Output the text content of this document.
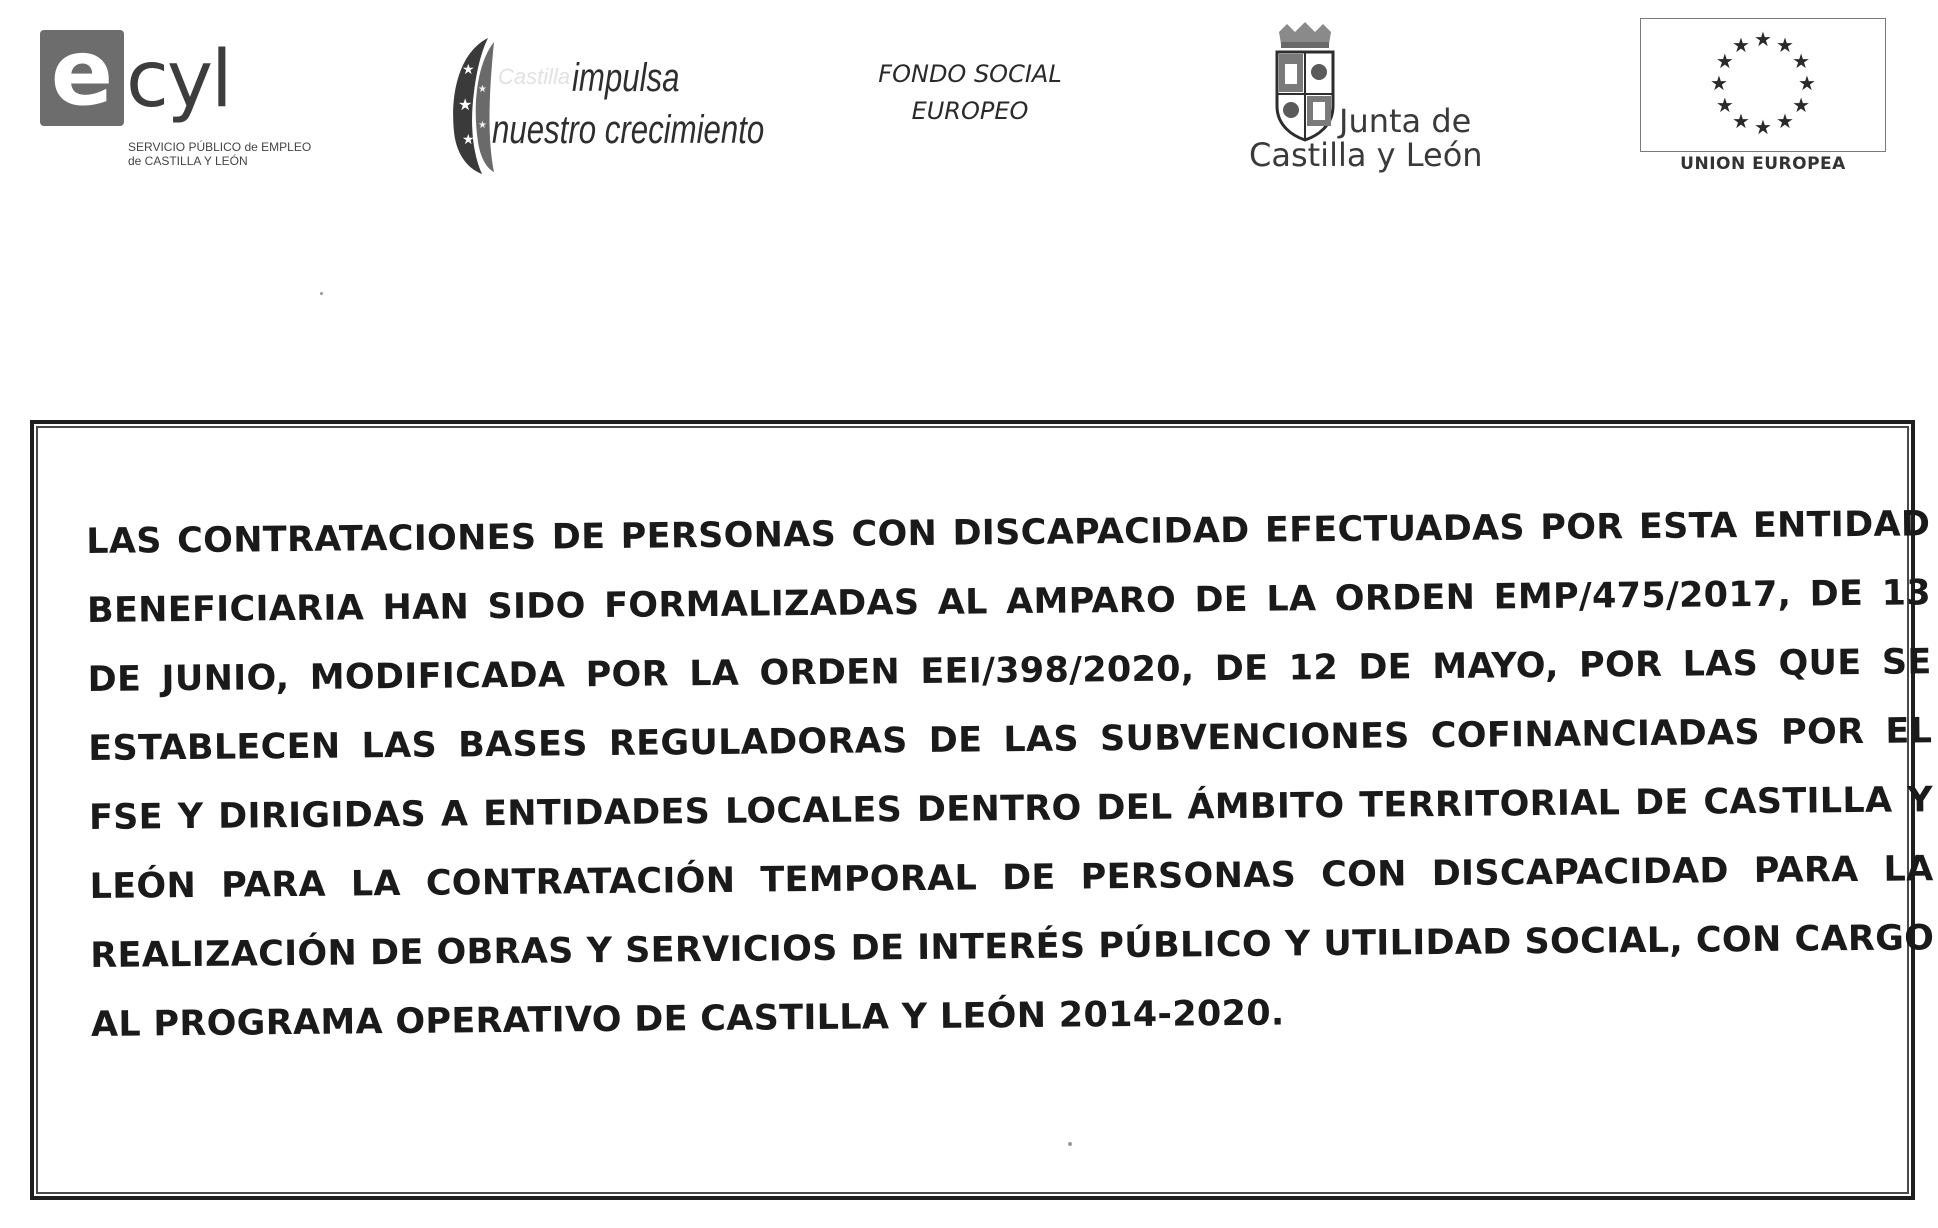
e cyl
SERVICIO PÚBLICO de EMPLEO
de CASTILLA Y LEÓN
★
★
★
★
★
Castilla impulsa
nuestro crecimiento
FONDO SOCIAL
EUROPEO	Junta de
Castilla y León
★ ★
★
★
★
★
★
★
★
★
★
★
UNION EUROPEA

LAS CONTRATACIONES DE PERSONAS CON DISCAPACIDAD EFECTUADAS POR ESTA ENTIDAD BENEFICIARIA HAN SIDO FORMALIZADAS AL AMPARO DE LA ORDEN EMP/475/2017, DE 13 DE JUNIO, MODIFICADA POR LA ORDEN EEI/398/2020, DE 12 DE MAYO, POR LAS QUE SE ESTABLECEN LAS BASES REGULADORAS DE LAS SUBVENCIONES COFINANCIADAS POR EL FSE Y DIRIGIDAS A ENTIDADES LOCALES DENTRO DEL ÁMBITO TERRITORIAL DE CASTILLA Y LEÓN PARA LA CONTRATACIÓN TEMPORAL DE PERSONAS CON DISCAPACIDAD PARA LA REALIZACIÓN DE OBRAS Y SERVICIOS DE INTERÉS PÚBLICO Y UTILIDAD SOCIAL, CON CARGO AL PROGRAMA OPERATIVO DE CASTILLA Y LEÓN 2014-2020.
